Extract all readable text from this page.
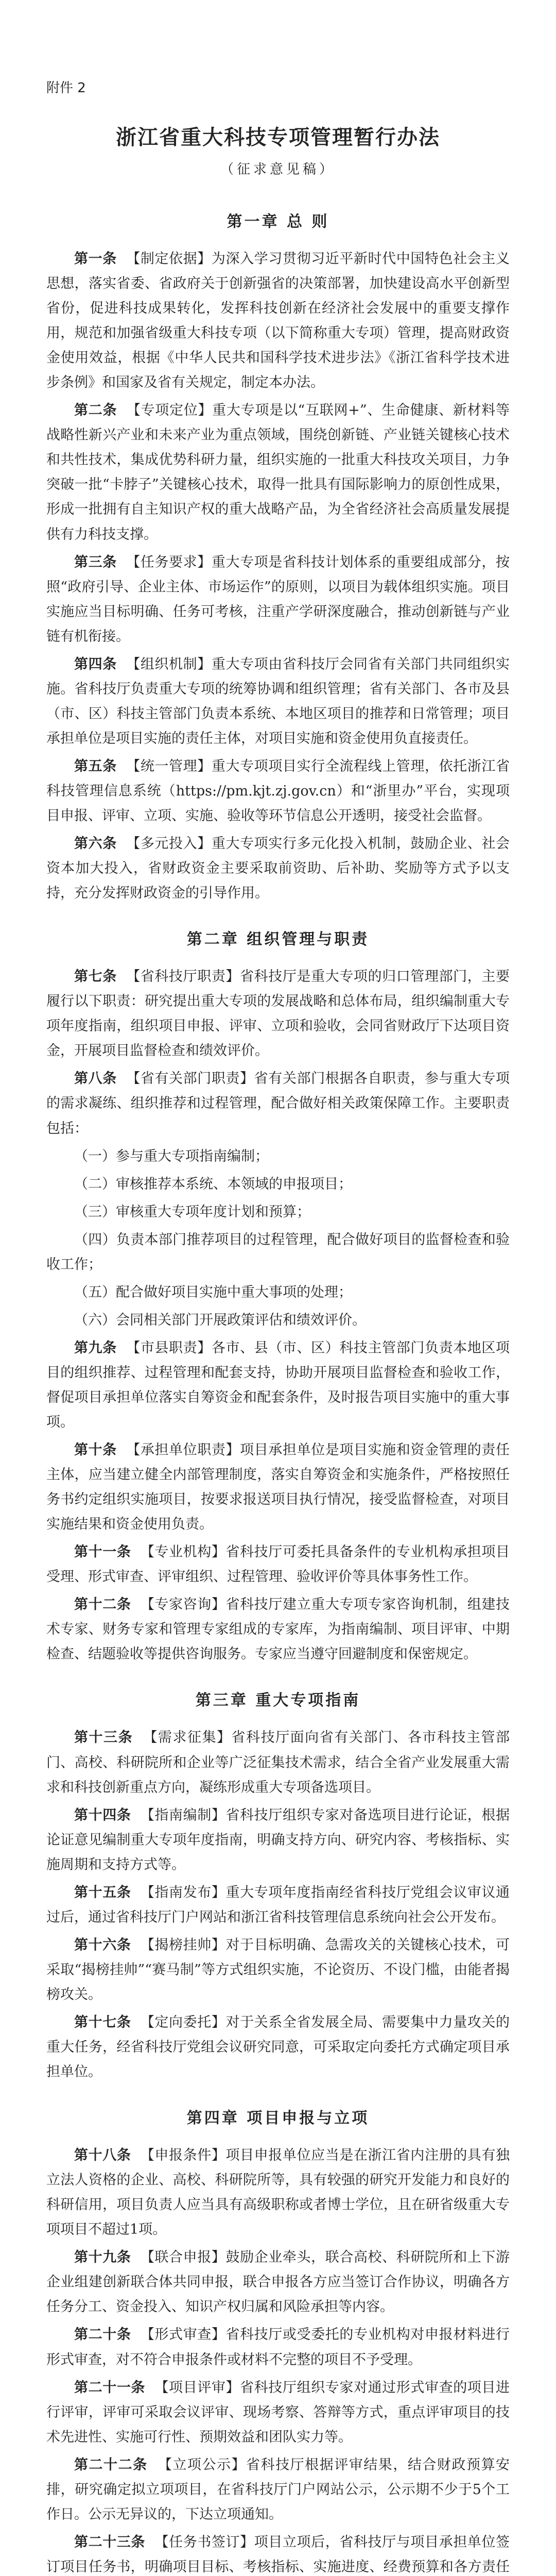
附件 2
浙江省重大科技专项管理暂行办法
（征求意见稿）
第一章 总 则

第一条 【制定依据】为深入学习贯彻习近平新时代中国特色社会主义思想，落实省委、省政府关于创新强省的决策部署，加快建设高水平创新型省份，促进科技成果转化，发挥科技创新在经济社会发展中的重要支撑作用，规范和加强省级重大科技专项（以下简称重大专项）管理，提高财政资金使用效益，根据《中华人民共和国科学技术进步法》《浙江省科学技术进步条例》和国家及省有关规定，制定本办法。

第二条 【专项定位】重大专项是以“互联网+”、生命健康、新材料等战略性新兴产业和未来产业为重点领域，围绕创新链、产业链关键核心技术和共性技术，集成优势科研力量，组织实施的一批重大科技攻关项目，力争突破一批“卡脖子”关键核心技术，取得一批具有国际影响力的原创性成果，形成一批拥有自主知识产权的重大战略产品，为全省经济社会高质量发展提供有力科技支撑。

第三条 【任务要求】重大专项是省科技计划体系的重要组成部分，按照“政府引导、企业主体、市场运作”的原则，以项目为载体组织实施。项目实施应当目标明确、任务可考核，注重产学研深度融合，推动创新链与产业链有机衔接。

第四条 【组织机制】重大专项由省科技厅会同省有关部门共同组织实施。省科技厅负责重大专项的统筹协调和组织管理；省有关部门、各市及县（市、区）科技主管部门负责本系统、本地区项目的推荐和日常管理；项目承担单位是项目实施的责任主体，对项目实施和资金使用负直接责任。

第五条 【统一管理】重大专项项目实行全流程线上管理，依托浙江省科技管理信息系统（https://pm.kjt.zj.gov.cn）和“浙里办”平台，实现项目申报、评审、立项、实施、验收等环节信息公开透明，接受社会监督。

第六条 【多元投入】重大专项实行多元化投入机制，鼓励企业、社会资本加大投入，省财政资金主要采取前资助、后补助、奖励等方式予以支持，充分发挥财政资金的引导作用。

第二章 组织管理与职责

第七条 【省科技厅职责】省科技厅是重大专项的归口管理部门，主要履行以下职责：研究提出重大专项的发展战略和总体布局，组织编制重大专项年度指南，组织项目申报、评审、立项和验收，会同省财政厅下达项目资金，开展项目监督检查和绩效评价。

第八条 【省有关部门职责】省有关部门根据各自职责，参与重大专项的需求凝练、组织推荐和过程管理，配合做好相关政策保障工作。主要职责包括：

（一）参与重大专项指南编制；

（二）审核推荐本系统、本领域的申报项目；

（三）审核重大专项年度计划和预算；

（四）负责本部门推荐项目的过程管理，配合做好项目的监督检查和验收工作；

（五）配合做好项目实施中重大事项的处理；

（六）会同相关部门开展政策评估和绩效评价。

第九条 【市县职责】各市、县（市、区）科技主管部门负责本地区项目的组织推荐、过程管理和配套支持，协助开展项目监督检查和验收工作，督促项目承担单位落实自筹资金和配套条件，及时报告项目实施中的重大事项。

第十条 【承担单位职责】项目承担单位是项目实施和资金管理的责任主体，应当建立健全内部管理制度，落实自筹资金和实施条件，严格按照任务书约定组织实施项目，按要求报送项目执行情况，接受监督检查，对项目实施结果和资金使用负责。

第十一条 【专业机构】省科技厅可委托具备条件的专业机构承担项目受理、形式审查、评审组织、过程管理、验收评价等具体事务性工作。

第十二条 【专家咨询】省科技厅建立重大专项专家咨询机制，组建技术专家、财务专家和管理专家组成的专家库，为指南编制、项目评审、中期检查、结题验收等提供咨询服务。专家应当遵守回避制度和保密规定。

第三章 重大专项指南

第十三条 【需求征集】省科技厅面向省有关部门、各市科技主管部门、高校、科研院所和企业等广泛征集技术需求，结合全省产业发展重大需求和科技创新重点方向，凝练形成重大专项备选项目。

第十四条 【指南编制】省科技厅组织专家对备选项目进行论证，根据论证意见编制重大专项年度指南，明确支持方向、研究内容、考核指标、实施周期和支持方式等。

第十五条 【指南发布】重大专项年度指南经省科技厅党组会议审议通过后，通过省科技厅门户网站和浙江省科技管理信息系统向社会公开发布。

第十六条 【揭榜挂帅】对于目标明确、急需攻关的关键核心技术，可采取“揭榜挂帅”“赛马制”等方式组织实施，不论资历、不设门槛，由能者揭榜攻关。

第十七条 【定向委托】对于关系全省发展全局、需要集中力量攻关的重大任务，经省科技厅党组会议研究同意，可采取定向委托方式确定项目承担单位。

第四章 项目申报与立项

第十八条 【申报条件】项目申报单位应当是在浙江省内注册的具有独立法人资格的企业、高校、科研院所等，具有较强的研究开发能力和良好的科研信用，项目负责人应当具有高级职称或者博士学位，且在研省级重大专项项目不超过1项。

第十九条 【联合申报】鼓励企业牵头，联合高校、科研院所和上下游企业组建创新联合体共同申报，联合申报各方应当签订合作协议，明确各方任务分工、资金投入、知识产权归属和风险承担等内容。

第二十条 【形式审查】省科技厅或受委托的专业机构对申报材料进行形式审查，对不符合申报条件或材料不完整的项目不予受理。

第二十一条 【项目评审】省科技厅组织专家对通过形式审查的项目进行评审，评审可采取会议评审、现场考察、答辩等方式，重点评审项目的技术先进性、实施可行性、预期效益和团队实力等。

第二十二条 【立项公示】省科技厅根据评审结果，结合财政预算安排，研究确定拟立项项目，在省科技厅门户网站公示，公示期不少于5个工作日。公示无异议的，下达立项通知。

第二十三条 【任务书签订】项目立项后，省科技厅与项目承担单位签订项目任务书，明确项目目标、考核指标、实施进度、经费预算和各方责任
